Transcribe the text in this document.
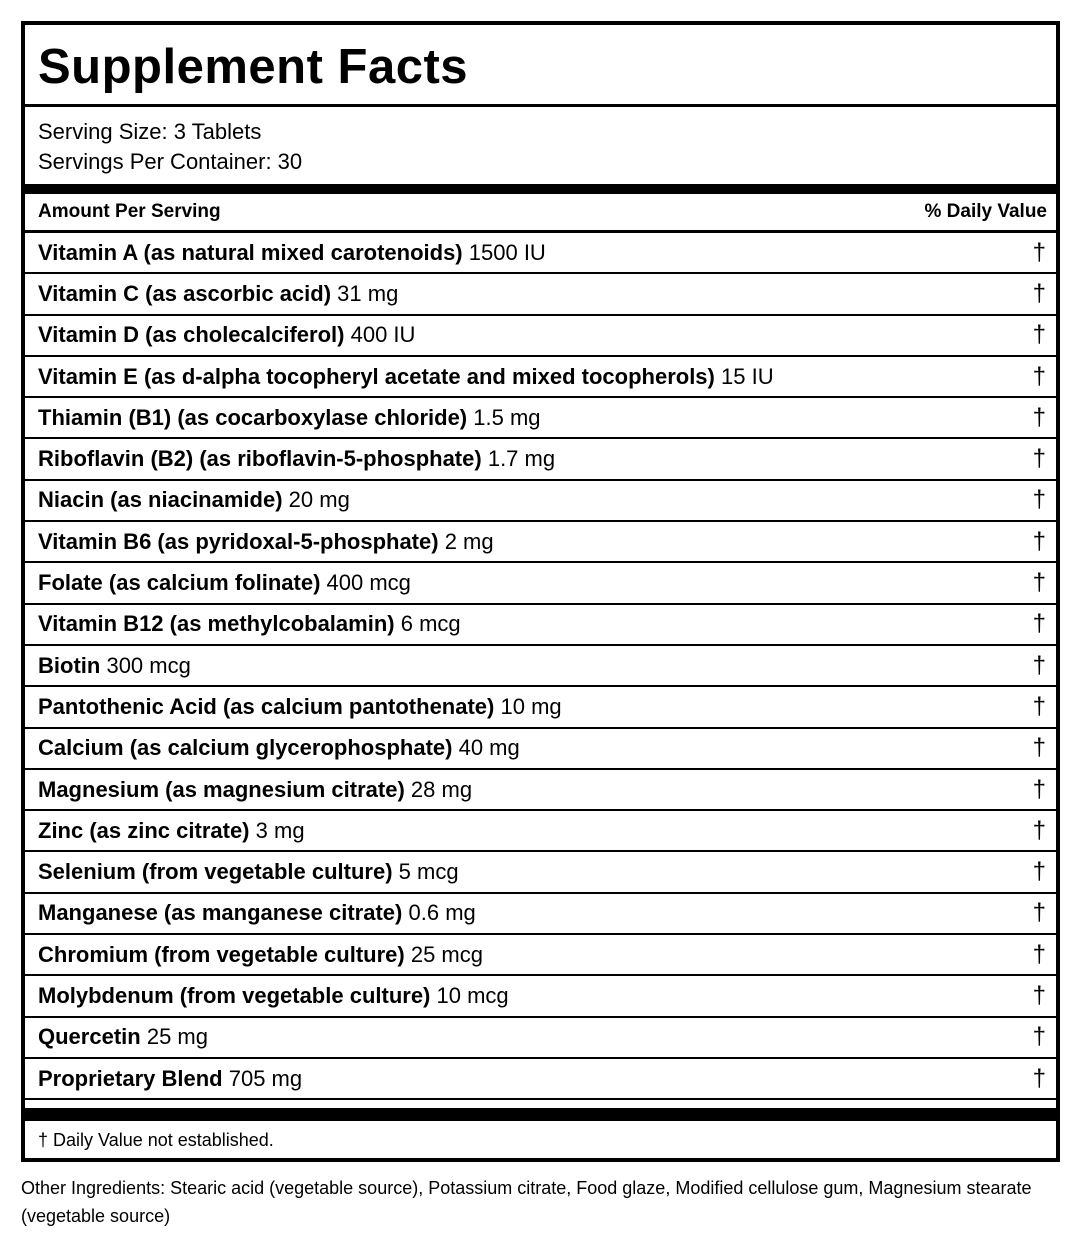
Supplement Facts
Serving Size: 3 Tablets
Servings Per Container: 30
Amount Per Serving	% Daily Value
Vitamin A (as natural mixed carotenoids) 1500 IU	†
Vitamin C (as ascorbic acid) 31 mg	†
Vitamin D (as cholecalciferol) 400 IU	†
Vitamin E (as d-alpha tocopheryl acetate and mixed tocopherols) 15 IU	†
Thiamin (B1) (as cocarboxylase chloride) 1.5 mg	†
Riboflavin (B2) (as riboflavin-5-phosphate) 1.7 mg	†
Niacin (as niacinamide) 20 mg	†
Vitamin B6 (as pyridoxal-5-phosphate) 2 mg	†
Folate (as calcium folinate) 400 mcg	†
Vitamin B12 (as methylcobalamin) 6 mcg	†
Biotin 300 mcg	†
Pantothenic Acid (as calcium pantothenate) 10 mg	†
Calcium (as calcium glycerophosphate) 40 mg	†
Magnesium (as magnesium citrate) 28 mg	†
Zinc (as zinc citrate) 3 mg	†
Selenium (from vegetable culture) 5 mcg	†
Manganese (as manganese citrate) 0.6 mg	†
Chromium (from vegetable culture) 25 mcg	†
Molybdenum (from vegetable culture) 10 mcg	†
Quercetin 25 mg	†
Proprietary Blend 705 mg	†
† Daily Value not established.
Other Ingredients: Stearic acid (vegetable source), Potassium citrate, Food glaze, Modified cellulose gum, Magnesium stearate (vegetable source)
